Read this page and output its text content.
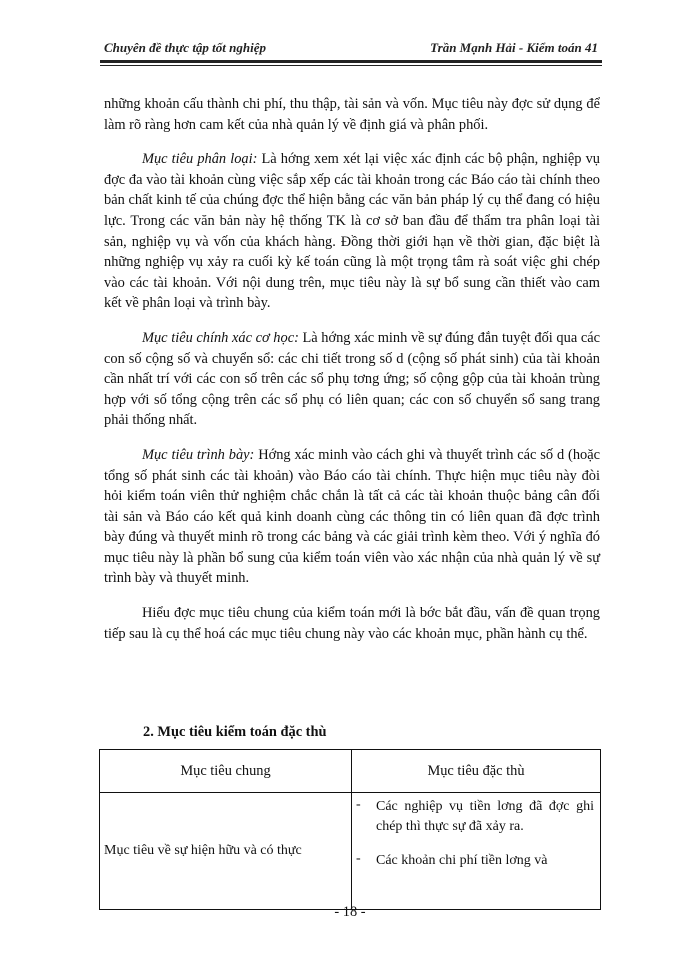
Chuyên đề thực tập tốt nghiệp	Trần Mạnh Hải - Kiểm toán 41

những khoản cấu thành chi phí, thu thập, tài sản và vốn. Mục tiêu này đợc sử dụng để làm rõ ràng hơn cam kết của nhà quản lý về định giá và phân phối.

Mục tiêu phân loại: Là hớng xem xét lại việc xác định các bộ phận, nghiệp vụ đợc đa vào tài khoản cùng việc sắp xếp các tài khoản trong các Báo cáo tài chính theo bản chất kinh tế của chúng đợc thể hiện bằng các văn bản pháp lý cụ thể đang có hiệu lực. Trong các văn bản này hệ thống TK là cơ sở ban đầu để thẩm tra phân loại tài sản, nghiệp vụ và vốn của khách hàng. Đồng thời giới hạn về thời gian, đặc biệt là những nghiệp vụ xảy ra cuối kỳ kế toán cũng là một trọng tâm rà soát việc ghi chép vào các tài khoản. Với nội dung trên, mục tiêu này là sự bổ sung cần thiết vào cam kết về phân loại và trình bày.

Mục tiêu chính xác cơ học: Là hớng xác minh về sự đúng đắn tuyệt đối qua các con số cộng số và chuyển sổ: các chi tiết trong số d (cộng số phát sinh) của tài khoản cần nhất trí với các con số trên các sổ phụ tơng ứng; số cộng gộp của tài khoản trùng hợp với số tổng cộng trên các sổ phụ có liên quan; các con số chuyển sổ sang trang phải thống nhất.

Mục tiêu trình bày: Hớng xác minh vào cách ghi và thuyết trình các số d (hoặc tổng số phát sinh các tài khoản) vào Báo cáo tài chính. Thực hiện mục tiêu này đòi hỏi kiểm toán viên thử nghiệm chắc chắn là tất cả các tài khoản thuộc bảng cân đối tài sản và Báo cáo kết quả kinh doanh cùng các thông tin có liên quan đã đợc trình bày đúng và thuyết minh rõ trong các bảng và các giải trình kèm theo. Với ý nghĩa đó mục tiêu này là phần bổ sung của kiểm toán viên vào xác nhận của nhà quản lý về sự trình bày và thuyết minh.

Hiểu đợc mục tiêu chung của kiểm toán mới là bớc bắt đầu, vấn đề quan trọng tiếp sau là cụ thể hoá các mục tiêu chung này vào các khoản mục, phần hành cụ thể.

2. Mục tiêu kiểm toán đặc thù
Mục tiêu chung	Mục tiêu đặc thù
Mục tiêu về sự hiện hữu và có thực	- Các nghiệp vụ tiền lơng đã đợc ghi chép thì thực sự đã xảy ra.
- Các khoản chi phí tiền lơng và
- 18 -
